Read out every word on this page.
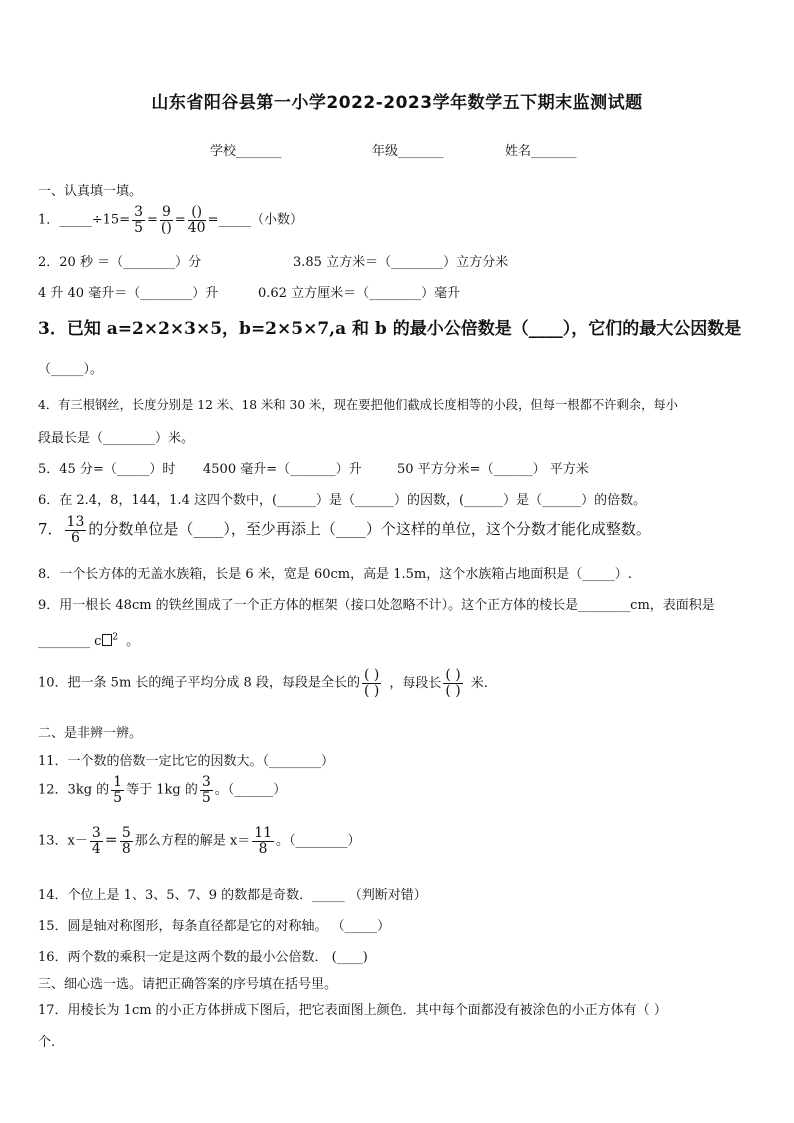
山东省阳谷县第一小学2022-2023学年数学五下期末监测试题
学校_______	年级_______	姓名_______
一、认真填一填。
1．_____÷15= $\frac{3}{5} = \frac{9}{()} = \frac{()}{40}$ =_____（小数）
2．20 秒 ＝（________）分	3.85 立方米＝（________）立方分米
4 升 40 毫升＝（________）升	0.62 立方厘米＝（________）毫升
3．已知 a=2×2×3×5，b=2×5×7,a 和 b 的最小公倍数是（____），它们的最大公因数是
（_____）。
4．有三根钢丝，长度分别是 12 米、18 米和 30 米，现在要把他们截成长度相等的小段，但每一根都不许剩余，每小
段最长是（________）米。
5．45 分=（_____）时 4500 毫升=（_______）升	50 平方分米=（______） 平方米
6．在 2.4，8，144，1.4 这四个数中，(______）是（______）的因数，(______）是（______）的倍数。
7． $\frac{13}{6}$ 的分数单位是（____），至少再添上（____）个这样的单位，这个分数才能化成整数。
8．一个长方体的无盖水族箱，长是 6 米，宽是 60cm，高是 1.5m，这个水族箱占地面积是（_____）.
9．用一根长 48cm 的铁丝围成了一个正方体的框架（接口处忽略不计）。这个正方体的棱长是________cm，表面积是
________ c $^2$ 。
10．把一条 5m 长的绳子平均分成 8 段，每段是全长的 $\frac{( )}{( )}$ ，每段长 $\frac{( )}{( )}$ 米.
二、是非辨一辨。
11．一个数的倍数一定比它的因数大。（________）
12．3kg 的 $\frac{1}{5}$ 等于 1kg 的 $\frac{3}{5}$ 。（______）
13．$x- \frac{3}{4} = \frac{5}{8}$ 那么方程的解是 $x= \frac{11}{8}$ 。（________）
14．个位上是 1、3、5、7、9 的数都是奇数．_____ （判断对错）
15．圆是轴对称图形，每条直径都是它的对称轴。 （_____）
16．两个数的乘积一定是这两个数的最小公倍数． (____)
三、细心选一选。请把正确答案的序号填在括号里。
17．用棱长为 1cm 的小正方体拼成下图后，把它表面图上颜色．其中每个面都没有被涂色的小正方体有（ ）
个.
